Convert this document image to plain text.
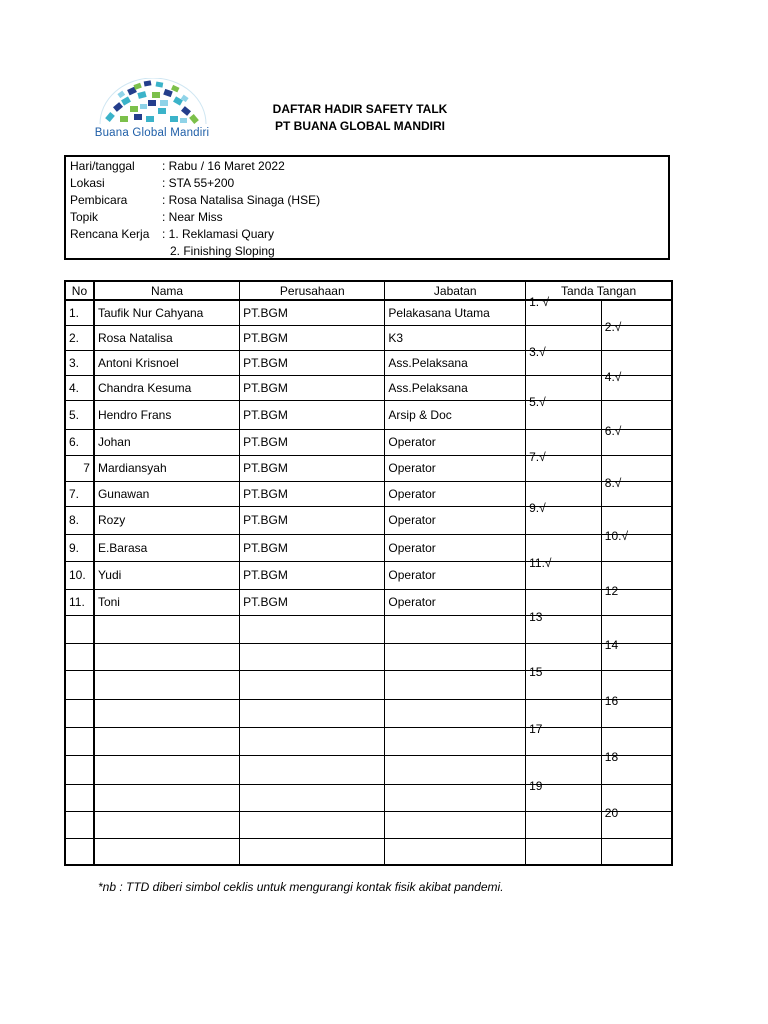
Buana Global Mandiri
DAFTAR HADIR SAFETY TALK
PT BUANA GLOBAL MANDIRI
Hari/tanggal : Rabu / 16 Maret 2022
Lokasi	: STA 55+200
Pembicara	: Rosa Natalisa Sinaga (HSE)
Topik	: Near Miss
Rencana Kerja : 1. Reklamasi Quary
2. Finishing Sloping
No	Nama	Perusahaan	Jabatan	Tanda Tangan	
1.	Taufik Nur Cahyana	PT.BGM	Pelakasana Utama	1. √	

2.	Rosa Natalisa	PT.BGM	K3		2.√

3.	Antoni Krisnoel	PT.BGM	Ass.Pelaksana	3.√	

4.	Chandra Kesuma	PT.BGM	Ass.Pelaksana		4.√

5.	Hendro Frans	PT.BGM	Arsip & Doc	5.√	

6.	Johan	PT.BGM	Operator		6.√

7	Mardiansyah	PT.BGM	Operator	7.√	

7.	Gunawan	PT.BGM	Operator		8.√

8.	Rozy	PT.BGM	Operator	9.√	

9.	E.Barasa	PT.BGM	Operator		10.√

10.	Yudi	PT.BGM	Operator	11.√	

11.	Toni	PT.BGM	Operator		12

				13	

					14

				15	

					16

				17	

					18

				19	

					20

*nb : TTD diberi simbol ceklis untuk mengurangi kontak fisik akibat pandemi.
